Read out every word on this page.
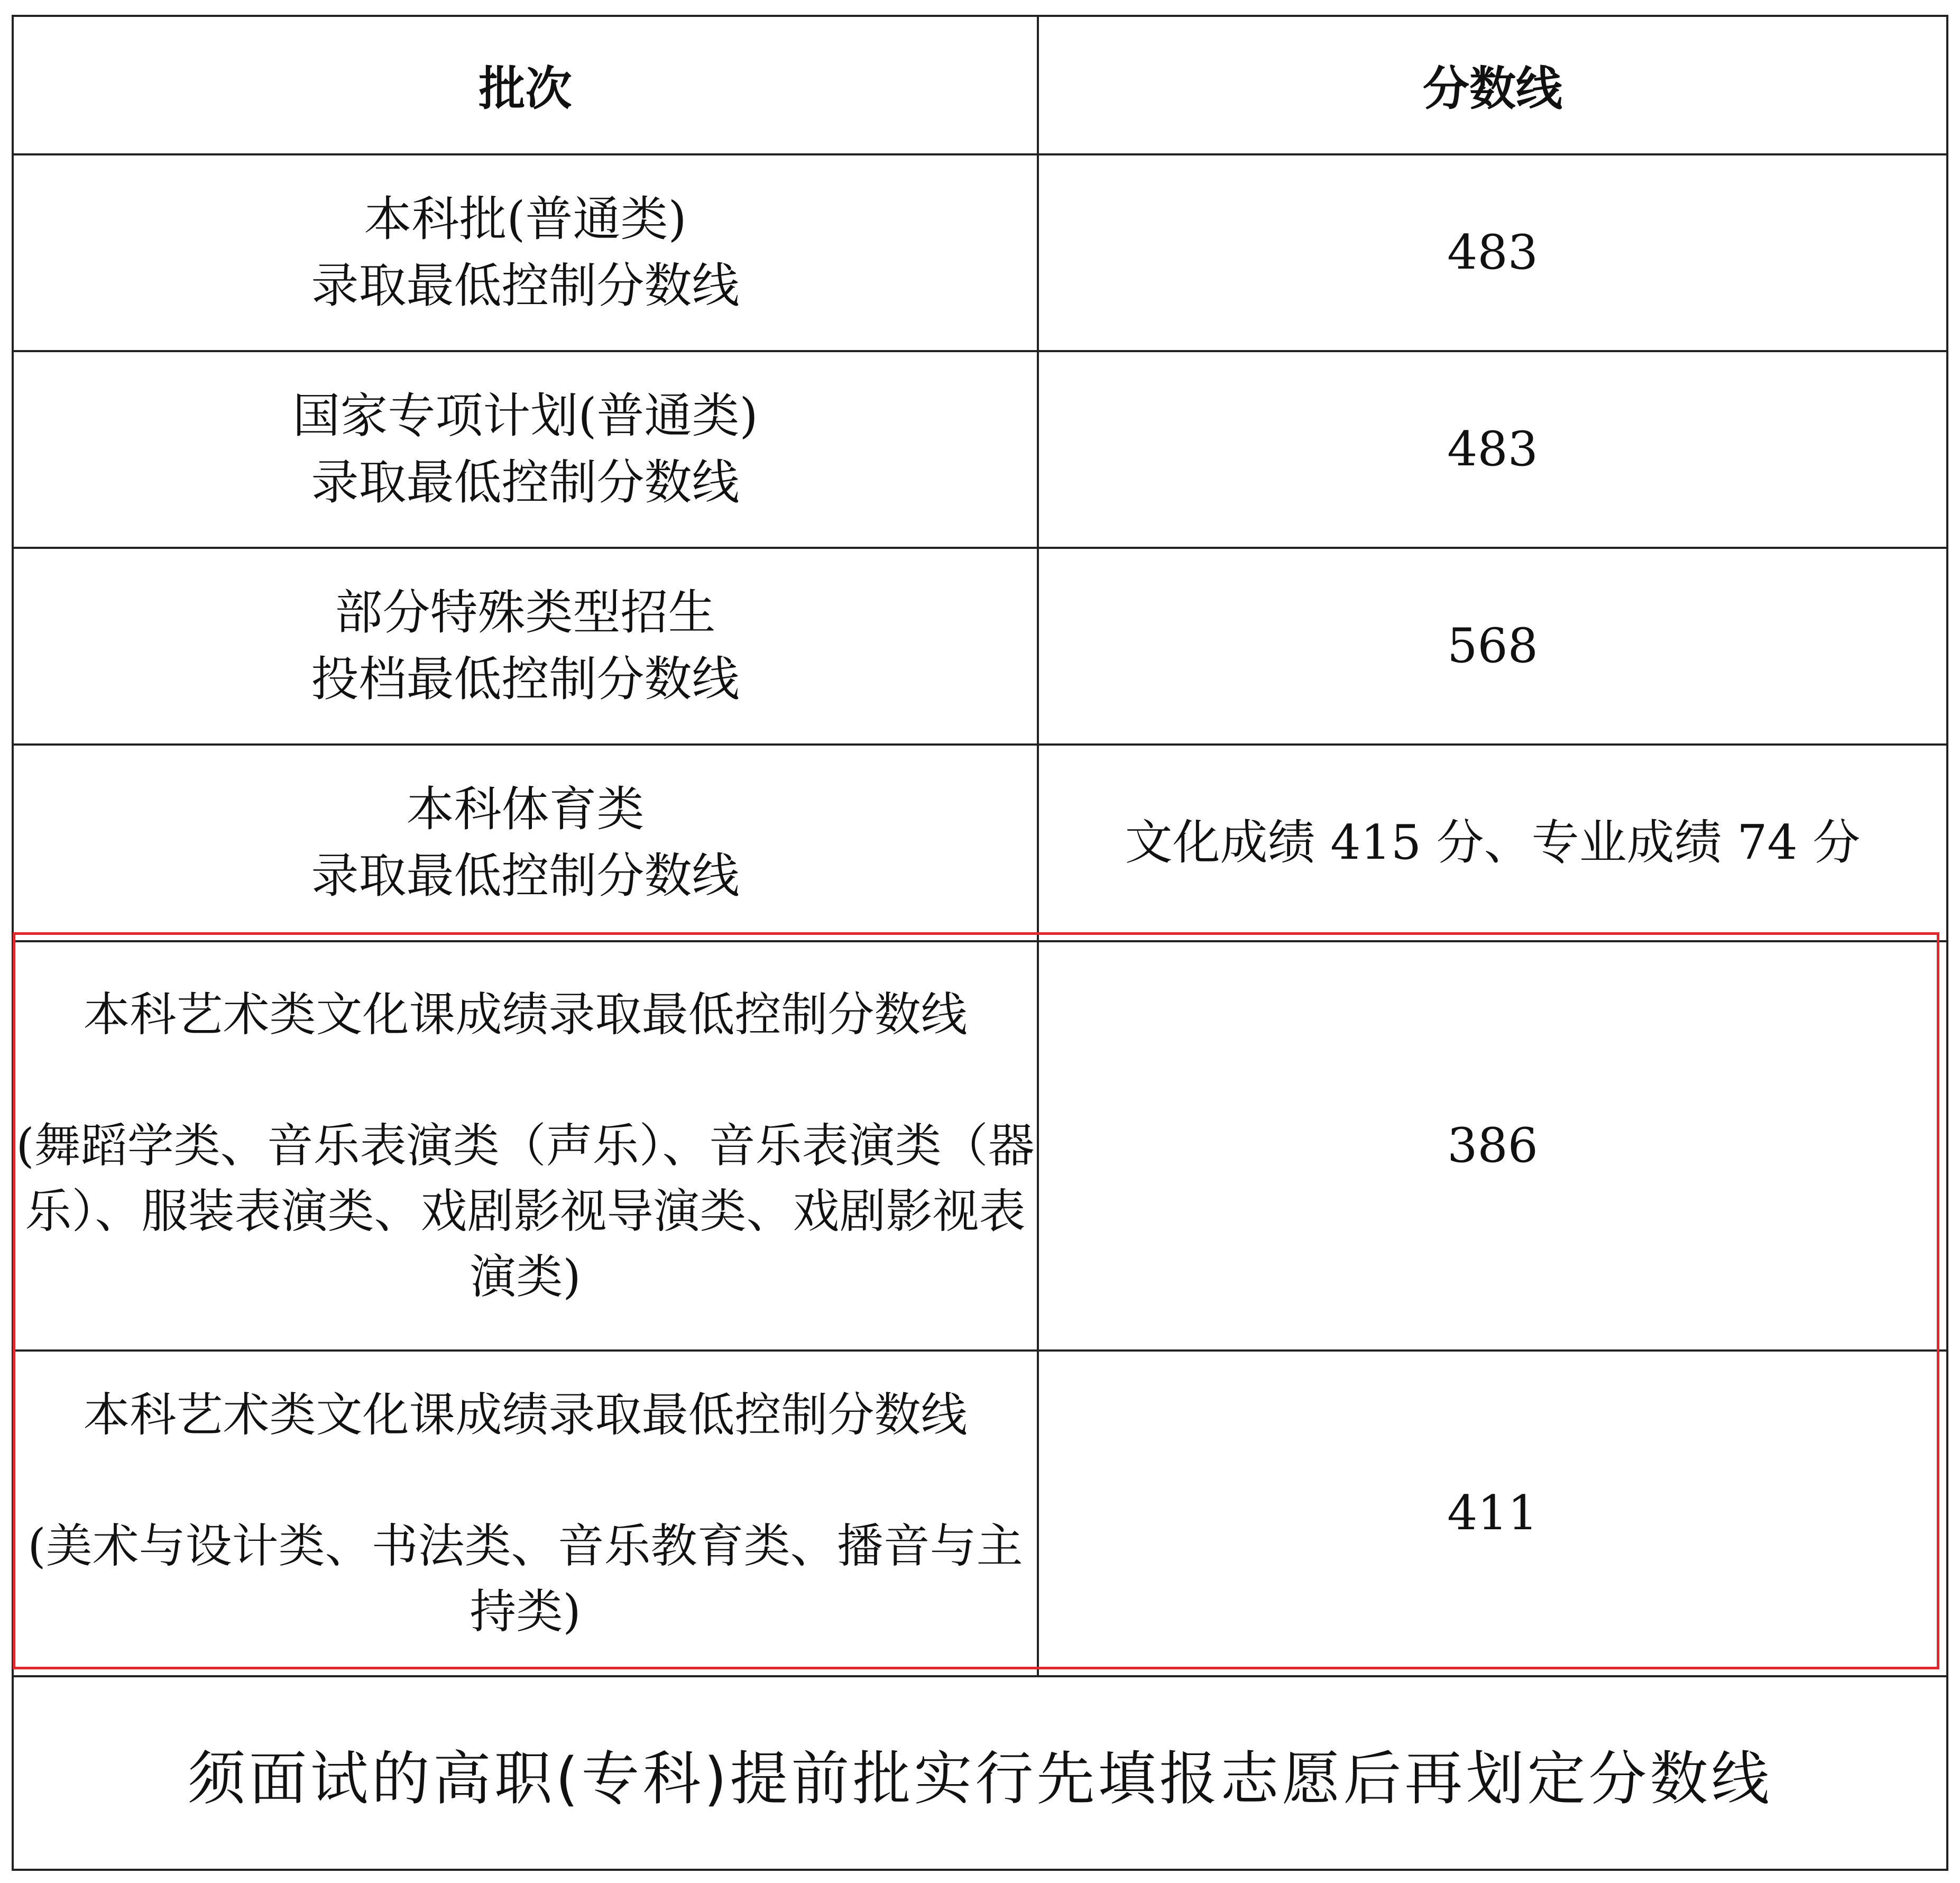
批次	分数线

本科批(普通类)
录取最低控制分数线	483

国家专项计划(普通类)
录取最低控制分数线	483

部分特殊类型招生
投档最低控制分数线	568

本科体育类
录取最低控制分数线	文化成绩 415 分、专业成绩 74 分

本科艺术类文化课成绩录取最低控制分数线
(舞蹈学类、音乐表演类（声乐）、音乐表演类（器乐）、服装表演类、戏剧影视导演类、戏剧影视表演类)	386

本科艺术类文化课成绩录取最低控制分数线
(美术与设计类、书法类、音乐教育类、播音与主持类)	411
须面试的高职(专科)提前批实行先填报志愿后再划定分数线
